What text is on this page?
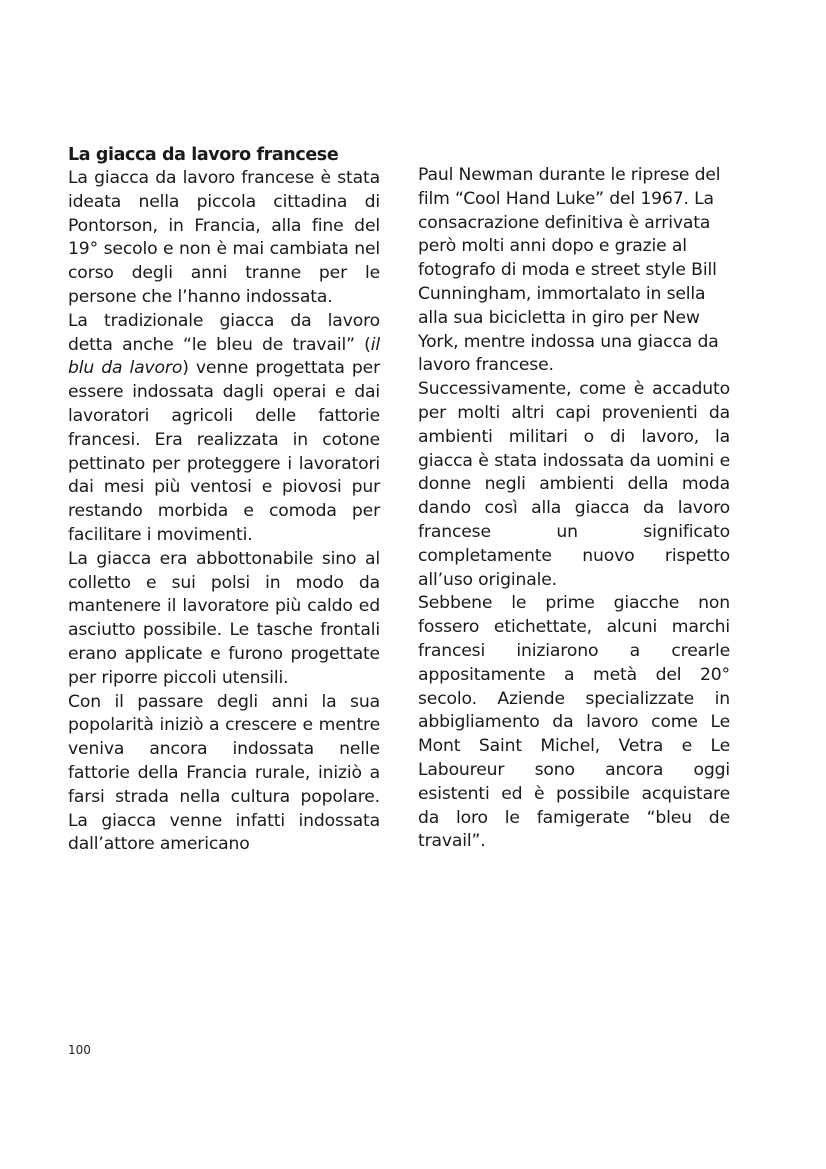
La giacca da lavoro francese

La giacca da lavoro francese è stata ideata nella piccola cittadina di Pontorson, in Francia, alla fine del 19° secolo e non è mai cambiata nel corso degli anni tranne per le persone che l’hanno indossata.

La tradizionale giacca da lavoro detta anche “le bleu de travail” (il blu da lavoro) venne progettata per essere indossata dagli operai e dai lavoratori agricoli delle fattorie francesi. Era realizzata in cotone pettinato per proteggere i lavoratori dai mesi più ventosi e piovosi pur restando morbida e comoda per facilitare i movimenti.

La giacca era abbottonabile sino al colletto e sui polsi in modo da mantenere il lavoratore più caldo ed asciutto possibile. Le tasche frontali erano applicate e furono progettate per riporre piccoli utensili.

Con il passare degli anni la sua popolarità iniziò a crescere e mentre veniva ancora indossata nelle fattorie della Francia rurale, iniziò a farsi strada nella cultura popolare. La giacca venne infatti indossata dall’attore americano

Paul Newman durante le riprese del film “Cool Hand Luke” del 1967. La consacrazione definitiva è arrivata però molti anni dopo e grazie al fotografo di moda e street style Bill Cunningham, immortalato in sella alla sua bicicletta in giro per New York, mentre indossa una giacca da lavoro francese.

Successivamente, come è accaduto per molti altri capi provenienti da ambienti militari o di lavoro, la giacca è stata indossata da uomini e donne negli ambienti della moda dando così alla giacca da lavoro francese un significato completamente nuovo rispetto all’uso originale.

Sebbene le prime giacche non fossero etichettate, alcuni marchi francesi iniziarono a crearle appositamente a metà del 20° secolo. Aziende specializzate in abbigliamento da lavoro come Le Mont Saint Michel, Vetra e Le Laboureur sono ancora oggi esistenti ed è possibile acquistare da loro le famigerate “bleu de travail”.

100
